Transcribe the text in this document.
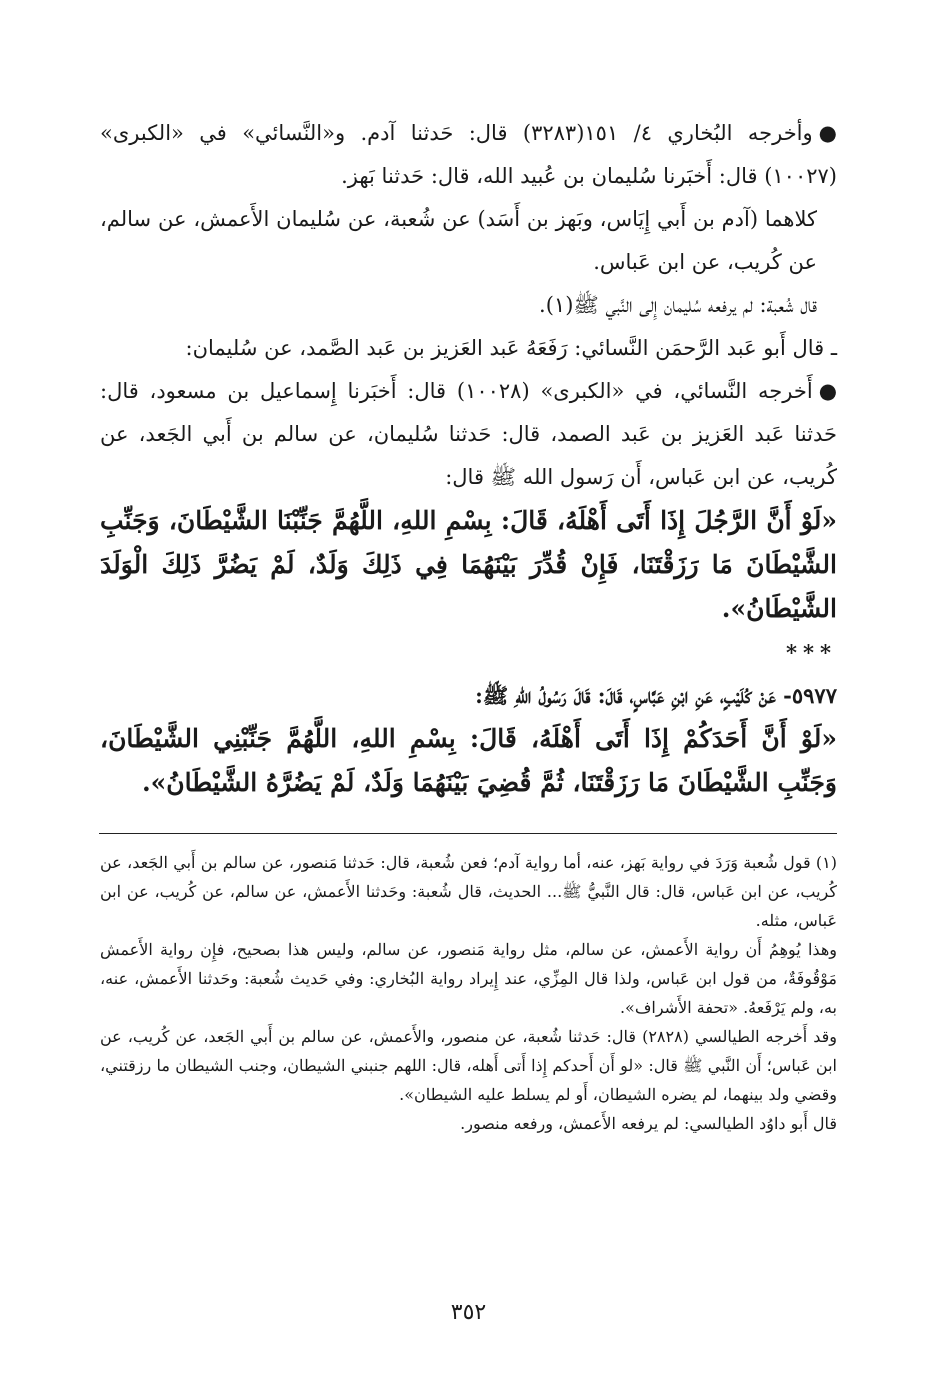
●وأخرجه البُخاري ٤/ ١٥١(٣٢٨٣) قال: حَدثنا آدم. و«النَّسائي» في «الكبرى» (١٠٠٢٧) قال: أَخبَرنا سُليمان بن عُبيد الله، قال: حَدثنا بَهز.

كلاهما (آدم بن أَبي إِيَاس، وبَهز بن أَسَد) عن شُعبة، عن سُليمان الأَعمش، عن سالم، عن كُريب، عن ابن عَباس.

قال شُعبة: لم يرفعه سُليمان إِلى النَّبي ﷺ(١).

ـ قال أَبو عَبد الرَّحمَن النَّسائي: رَفَعَهُ عَبد العَزيز بن عَبد الصَّمد، عن سُليمان:

●أَخرجه النَّسائي، في «الكبرى» (١٠٠٢٨) قال: أَخبَرنا إِسماعيل بن مسعود، قال: حَدثنا عَبد العَزيز بن عَبد الصمد، قال: حَدثنا سُليمان، عن سالم بن أَبي الجَعد، عن كُريب، عن ابن عَباس، أَن رَسول الله ﷺ قال:

«لَوْ أَنَّ الرَّجُلَ إِذَا أَتَى أَهْلَهُ، قَالَ: بِسْمِ اللهِ، اللَّهُمَّ جَنِّبْنَا الشَّيْطَانَ، وَجَنِّبِ الشَّيْطَانَ مَا رَزَقْتَنَا، فَإِنْ قُدِّرَ بَيْنَهُمَا فِي ذَلِكَ وَلَدٌ، لَمْ يَضُرَّ ذَلِكَ الْوَلَدَ الشَّيْطَانُ».

***

٥٩٧٧- عَنْ كُلَيْبٍ، عَنِ ابْنِ عَبَّاسٍ، قَالَ: قَالَ رَسُولُ اللهِ ﷺ:

«لَوْ أَنَّ أَحَدَكُمْ إِذَا أَتَى أَهْلَهُ، قَالَ: بِسْمِ اللهِ، اللَّهُمَّ جَنِّبْنِي الشَّيْطَانَ، وَجَنِّبِ الشَّيْطَانَ مَا رَزَقْتَنَا، ثُمَّ قُضِيَ بَيْنَهُمَا وَلَدٌ، لَمْ يَضُرَّهُ الشَّيْطَانُ».

(١) قول شُعبة وَرَدَ في رواية بَهز، عنه، أما رواية آدم؛ فعن شُعبة، قال: حَدثنا مَنصور، عن سالم بن أَبي الجَعد، عن كُريب، عن ابن عَباس، قال: قال النَّبيُّ ﷺ... الحديث، قال شُعبة: وحَدثنا الأَعمش، عن سالم، عن كُريب، عن ابن عَباس، مثله.

وهذا يُوهِمُ أَن رواية الأَعمش، عن سالم، مثل رواية مَنصور، عن سالم، وليس هذا بصحيح، فإِن رواية الأَعمش مَوْقُوفَةٌ، من قول ابن عَباس، ولذا قال المِزِّي، عند إِيراد رواية البُخاري: وفي حَديث شُعبة: وحَدثنا الأَعمش، عنه، به، ولم يَرْفَعهُ. «تحفة الأَشراف».

وقد أَخرجه الطيالسي (٢٨٢٨) قال: حَدثنا شُعبة، عن منصور، والأَعمش، عن سالم بن أَبي الجَعد، عن كُريب، عن ابن عَباس؛ أَن النَّبي ﷺ قال: «لو أَن أَحدكم إِذا أَتى أَهله، قال: اللهم جنبني الشيطان، وجنب الشيطان ما رزقتني، وقضي ولد بينهما، لم يضره الشيطان، أَو لم يسلط عليه الشيطان».

قال أَبو داوُد الطيالسي: لم يرفعه الأَعمش، ورفعه منصور.

٣٥٢
